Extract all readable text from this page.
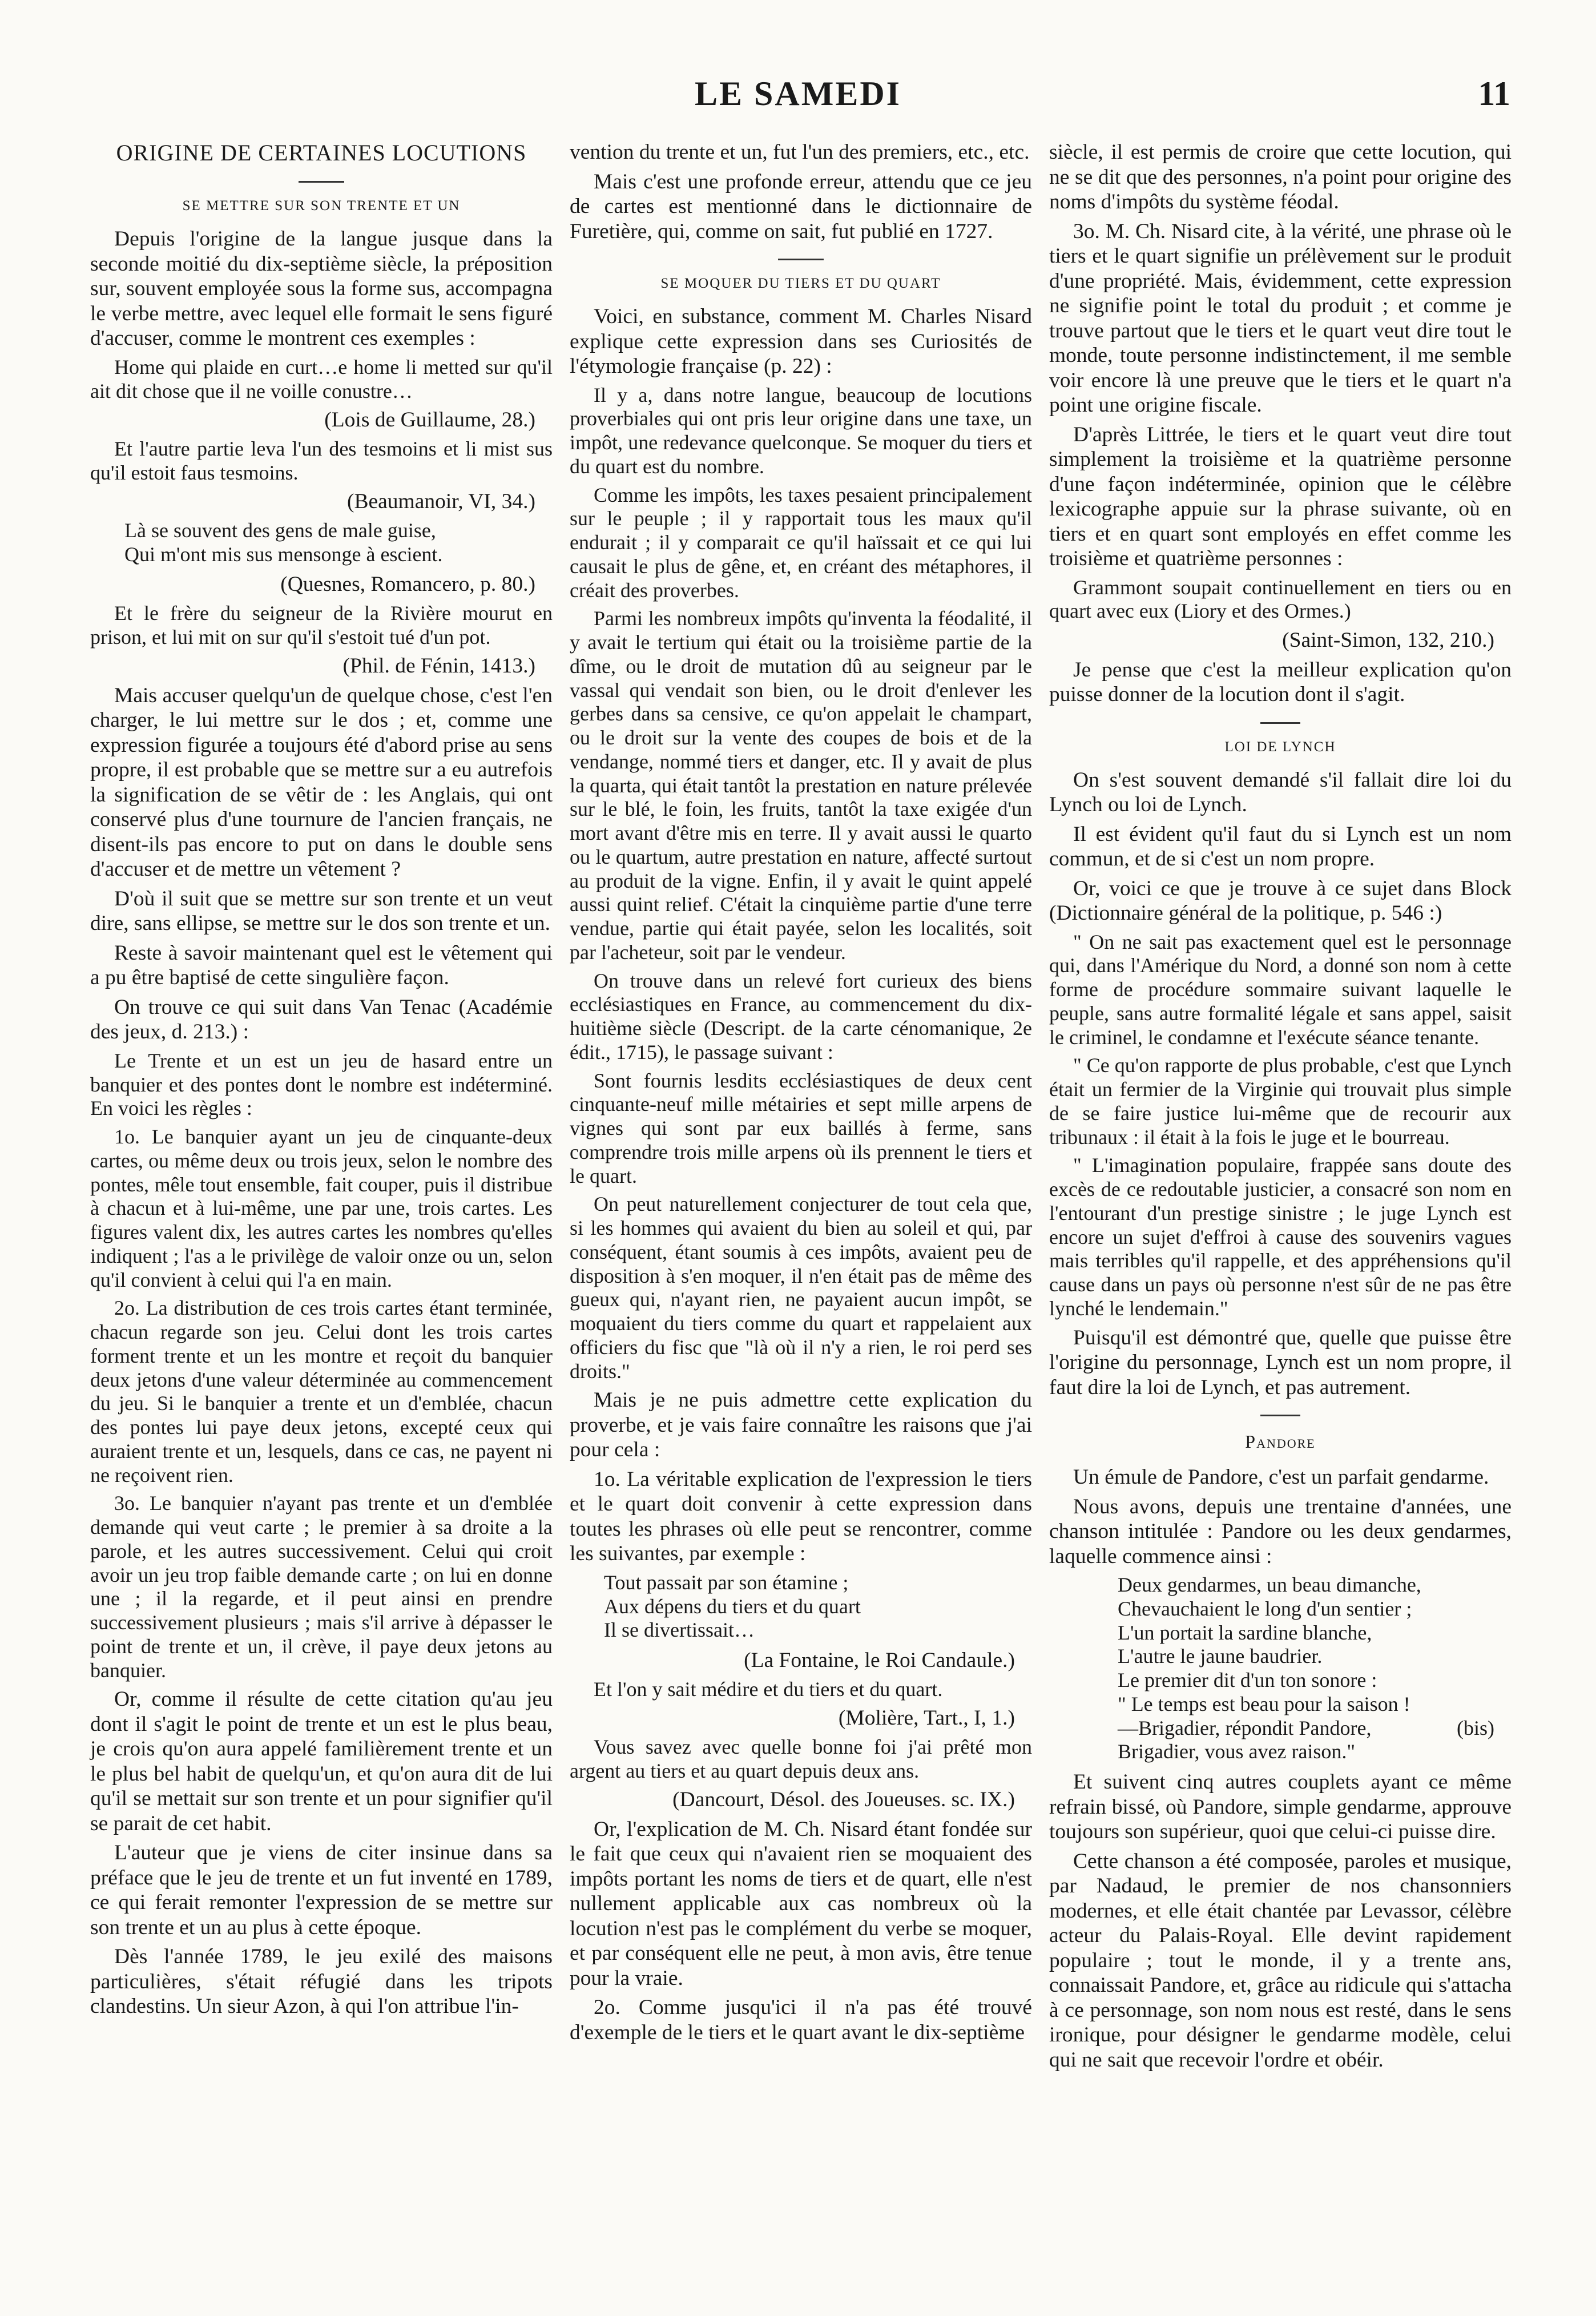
LE SAMEDI	11
ORIGINE DE CERTAINES LOCUTIONS
SE METTRE SUR SON TRENTE ET UN

Depuis l'origine de la langue jusque dans la seconde moitié du dix-septième siècle, la préposition sur, souvent employée sous la forme sus, accompagna le verbe mettre, avec lequel elle formait le sens figuré d'accuser, comme le montrent ces exemples :

Home qui plaide en curt…e home li metted sur qu'il ait dit chose que il ne voille conustre…

(Lois de Guillaume, 28.)

Et l'autre partie leva l'un des tesmoins et li mist sus qu'il estoit faus tesmoins.

(Beaumanoir, VI, 34.)

Là se souvent des gens de male guise,

Qui m'ont mis sus mensonge à escient.

(Quesnes, Romancero, p. 80.)

Et le frère du seigneur de la Rivière mourut en prison, et lui mit on sur qu'il s'estoit tué d'un pot.

(Phil. de Fénin, 1413.)

Mais accuser quelqu'un de quelque chose, c'est l'en charger, le lui mettre sur le dos ; et, comme une expression figurée a toujours été d'abord prise au sens propre, il est probable que se mettre sur a eu autrefois la signification de se vêtir de : les Anglais, qui ont conservé plus d'une tournure de l'ancien français, ne disent-ils pas encore to put on dans le double sens d'accuser et de mettre un vêtement ?

D'où il suit que se mettre sur son trente et un veut dire, sans ellipse, se mettre sur le dos son trente et un.

Reste à savoir maintenant quel est le vêtement qui a pu être baptisé de cette singulière façon.

On trouve ce qui suit dans Van Tenac (Académie des jeux, d. 213.) :

Le Trente et un est un jeu de hasard entre un banquier et des pontes dont le nombre est indéterminé. En voici les règles :

1o. Le banquier ayant un jeu de cinquante-deux cartes, ou même deux ou trois jeux, selon le nombre des pontes, mêle tout ensemble, fait couper, puis il distribue à chacun et à lui-même, une par une, trois cartes. Les figures valent dix, les autres cartes les nombres qu'elles indiquent ; l'as a le privilège de valoir onze ou un, selon qu'il convient à celui qui l'a en main.

2o. La distribution de ces trois cartes étant terminée, chacun regarde son jeu. Celui dont les trois cartes forment trente et un les montre et reçoit du banquier deux jetons d'une valeur déterminée au commencement du jeu. Si le banquier a trente et un d'emblée, chacun des pontes lui paye deux jetons, excepté ceux qui auraient trente et un, lesquels, dans ce cas, ne payent ni ne reçoivent rien.

3o. Le banquier n'ayant pas trente et un d'emblée demande qui veut carte ; le premier à sa droite a la parole, et les autres successivement. Celui qui croit avoir un jeu trop faible demande carte ; on lui en donne une ; il la regarde, et il peut ainsi en prendre successivement plusieurs ; mais s'il arrive à dépasser le point de trente et un, il crève, il paye deux jetons au banquier.

Or, comme il résulte de cette citation qu'au jeu dont il s'agit le point de trente et un est le plus beau, je crois qu'on aura appelé familièrement trente et un le plus bel habit de quelqu'un, et qu'on aura dit de lui qu'il se mettait sur son trente et un pour signifier qu'il se parait de cet habit.

L'auteur que je viens de citer insinue dans sa préface que le jeu de trente et un fut inventé en 1789, ce qui ferait remonter l'expression de se mettre sur son trente et un au plus à cette époque.

Dès l'année 1789, le jeu exilé des maisons particulières, s'était réfugié dans les tripots clandestins. Un sieur Azon, à qui l'on attribue l'in-

vention du trente et un, fut l'un des premiers, etc., etc.

Mais c'est une profonde erreur, attendu que ce jeu de cartes est mentionné dans le dictionnaire de Furetière, qui, comme on sait, fut publié en 1727.

SE MOQUER DU TIERS ET DU QUART

Voici, en substance, comment M. Charles Nisard explique cette expression dans ses Curiosités de l'étymologie française (p. 22) :

Il y a, dans notre langue, beaucoup de locutions proverbiales qui ont pris leur origine dans une taxe, un impôt, une redevance quelconque. Se moquer du tiers et du quart est du nombre.

Comme les impôts, les taxes pesaient principalement sur le peuple ; il y rapportait tous les maux qu'il endurait ; il y comparait ce qu'il haïssait et ce qui lui causait le plus de gêne, et, en créant des métaphores, il créait des proverbes.

Parmi les nombreux impôts qu'inventa la féodalité, il y avait le tertium qui était ou la troisième partie de la dîme, ou le droit de mutation dû au seigneur par le vassal qui vendait son bien, ou le droit d'enlever les gerbes dans sa censive, ce qu'on appelait le champart, ou le droit sur la vente des coupes de bois et de la vendange, nommé tiers et danger, etc. Il y avait de plus la quarta, qui était tantôt la prestation en nature prélevée sur le blé, le foin, les fruits, tantôt la taxe exigée d'un mort avant d'être mis en terre. Il y avait aussi le quarto ou le quartum, autre prestation en nature, affecté surtout au produit de la vigne. Enfin, il y avait le quint appelé aussi quint relief. C'était la cinquième partie d'une terre vendue, partie qui était payée, selon les localités, soit par l'acheteur, soit par le vendeur.

On trouve dans un relevé fort curieux des biens ecclésiastiques en France, au commencement du dix-huitième siècle (Descript. de la carte cénomanique, 2e édit., 1715), le passage suivant :

Sont fournis lesdits ecclésiastiques de deux cent cinquante-neuf mille métairies et sept mille arpens de vignes qui sont par eux baillés à ferme, sans comprendre trois mille arpens où ils prennent le tiers et le quart.

On peut naturellement conjecturer de tout cela que, si les hommes qui avaient du bien au soleil et qui, par conséquent, étant soumis à ces impôts, avaient peu de disposition à s'en moquer, il n'en était pas de même des gueux qui, n'ayant rien, ne payaient aucun impôt, se moquaient du tiers comme du quart et rappelaient aux officiers du fisc que "là où il n'y a rien, le roi perd ses droits."

Mais je ne puis admettre cette explication du proverbe, et je vais faire connaître les raisons que j'ai pour cela :

1o. La véritable explication de l'expression le tiers et le quart doit convenir à cette expression dans toutes les phrases où elle peut se rencontrer, comme les suivantes, par exemple :

Tout passait par son étamine ;

Aux dépens du tiers et du quart

Il se divertissait…

(La Fontaine, le Roi Candaule.)

Et l'on y sait médire et du tiers et du quart.

(Molière, Tart., I, 1.)

Vous savez avec quelle bonne foi j'ai prêté mon argent au tiers et au quart depuis deux ans.

(Dancourt, Désol. des Joueuses. sc. IX.)

Or, l'explication de M. Ch. Nisard étant fondée sur le fait que ceux qui n'avaient rien se moquaient des impôts portant les noms de tiers et de quart, elle n'est nullement applicable aux cas nombreux où la locution n'est pas le complément du verbe se moquer, et par conséquent elle ne peut, à mon avis, être tenue pour la vraie.

2o. Comme jusqu'ici il n'a pas été trouvé d'exemple de le tiers et le quart avant le dix-septième

siècle, il est permis de croire que cette locution, qui ne se dit que des personnes, n'a point pour origine des noms d'impôts du système féodal.

3o. M. Ch. Nisard cite, à la vérité, une phrase où le tiers et le quart signifie un prélèvement sur le produit d'une propriété. Mais, évidemment, cette expression ne signifie point le total du produit ; et comme je trouve partout que le tiers et le quart veut dire tout le monde, toute personne indistinctement, il me semble voir encore là une preuve que le tiers et le quart n'a point une origine fiscale.

D'après Littrée, le tiers et le quart veut dire tout simplement la troisième et la quatrième personne d'une façon indéterminée, opinion que le célèbre lexicographe appuie sur la phrase suivante, où en tiers et en quart sont employés en effet comme les troisième et quatrième personnes :

Grammont soupait continuellement en tiers ou en quart avec eux (Liory et des Ormes.)

(Saint-Simon, 132, 210.)

Je pense que c'est la meilleur explication qu'on puisse donner de la locution dont il s'agit.

LOI DE LYNCH

On s'est souvent demandé s'il fallait dire loi du Lynch ou loi de Lynch.

Il est évident qu'il faut du si Lynch est un nom commun, et de si c'est un nom propre.

Or, voici ce que je trouve à ce sujet dans Block (Dictionnaire général de la politique, p. 546 :)

" On ne sait pas exactement quel est le personnage qui, dans l'Amérique du Nord, a donné son nom à cette forme de procédure sommaire suivant laquelle le peuple, sans autre formalité légale et sans appel, saisit le criminel, le condamne et l'exécute séance tenante.

" Ce qu'on rapporte de plus probable, c'est que Lynch était un fermier de la Virginie qui trouvait plus simple de se faire justice lui-même que de recourir aux tribunaux : il était à la fois le juge et le bourreau.

" L'imagination populaire, frappée sans doute des excès de ce redoutable justicier, a consacré son nom en l'entourant d'un prestige sinistre ; le juge Lynch est encore un sujet d'effroi à cause des souvenirs vagues mais terribles qu'il rappelle, et des appréhensions qu'il cause dans un pays où personne n'est sûr de ne pas être lynché le lendemain."

Puisqu'il est démontré que, quelle que puisse être l'origine du personnage, Lynch est un nom propre, il faut dire la loi de Lynch, et pas autrement.

Pandore

Un émule de Pandore, c'est un parfait gendarme.

Nous avons, depuis une trentaine d'années, une chanson intitulée : Pandore ou les deux gendarmes, laquelle commence ainsi :

Deux gendarmes, un beau dimanche,

Chevauchaient le long d'un sentier ;

L'un portait la sardine blanche,

L'autre le jaune baudrier.

Le premier dit d'un ton sonore :

" Le temps est beau pour la saison !

—Brigadier, répondit Pandore,	(bis)

Brigadier, vous avez raison."

Et suivent cinq autres couplets ayant ce même refrain bissé, où Pandore, simple gendarme, approuve toujours son supérieur, quoi que celui-ci puisse dire.

Cette chanson a été composée, paroles et musique, par Nadaud, le premier de nos chansonniers modernes, et elle était chantée par Levassor, célèbre acteur du Palais-Royal. Elle devint rapidement populaire ; tout le monde, il y a trente ans, connaissait Pandore, et, grâce au ridicule qui s'attacha à ce personnage, son nom nous est resté, dans le sens ironique, pour désigner le gendarme modèle, celui qui ne sait que recevoir l'ordre et obéir.
